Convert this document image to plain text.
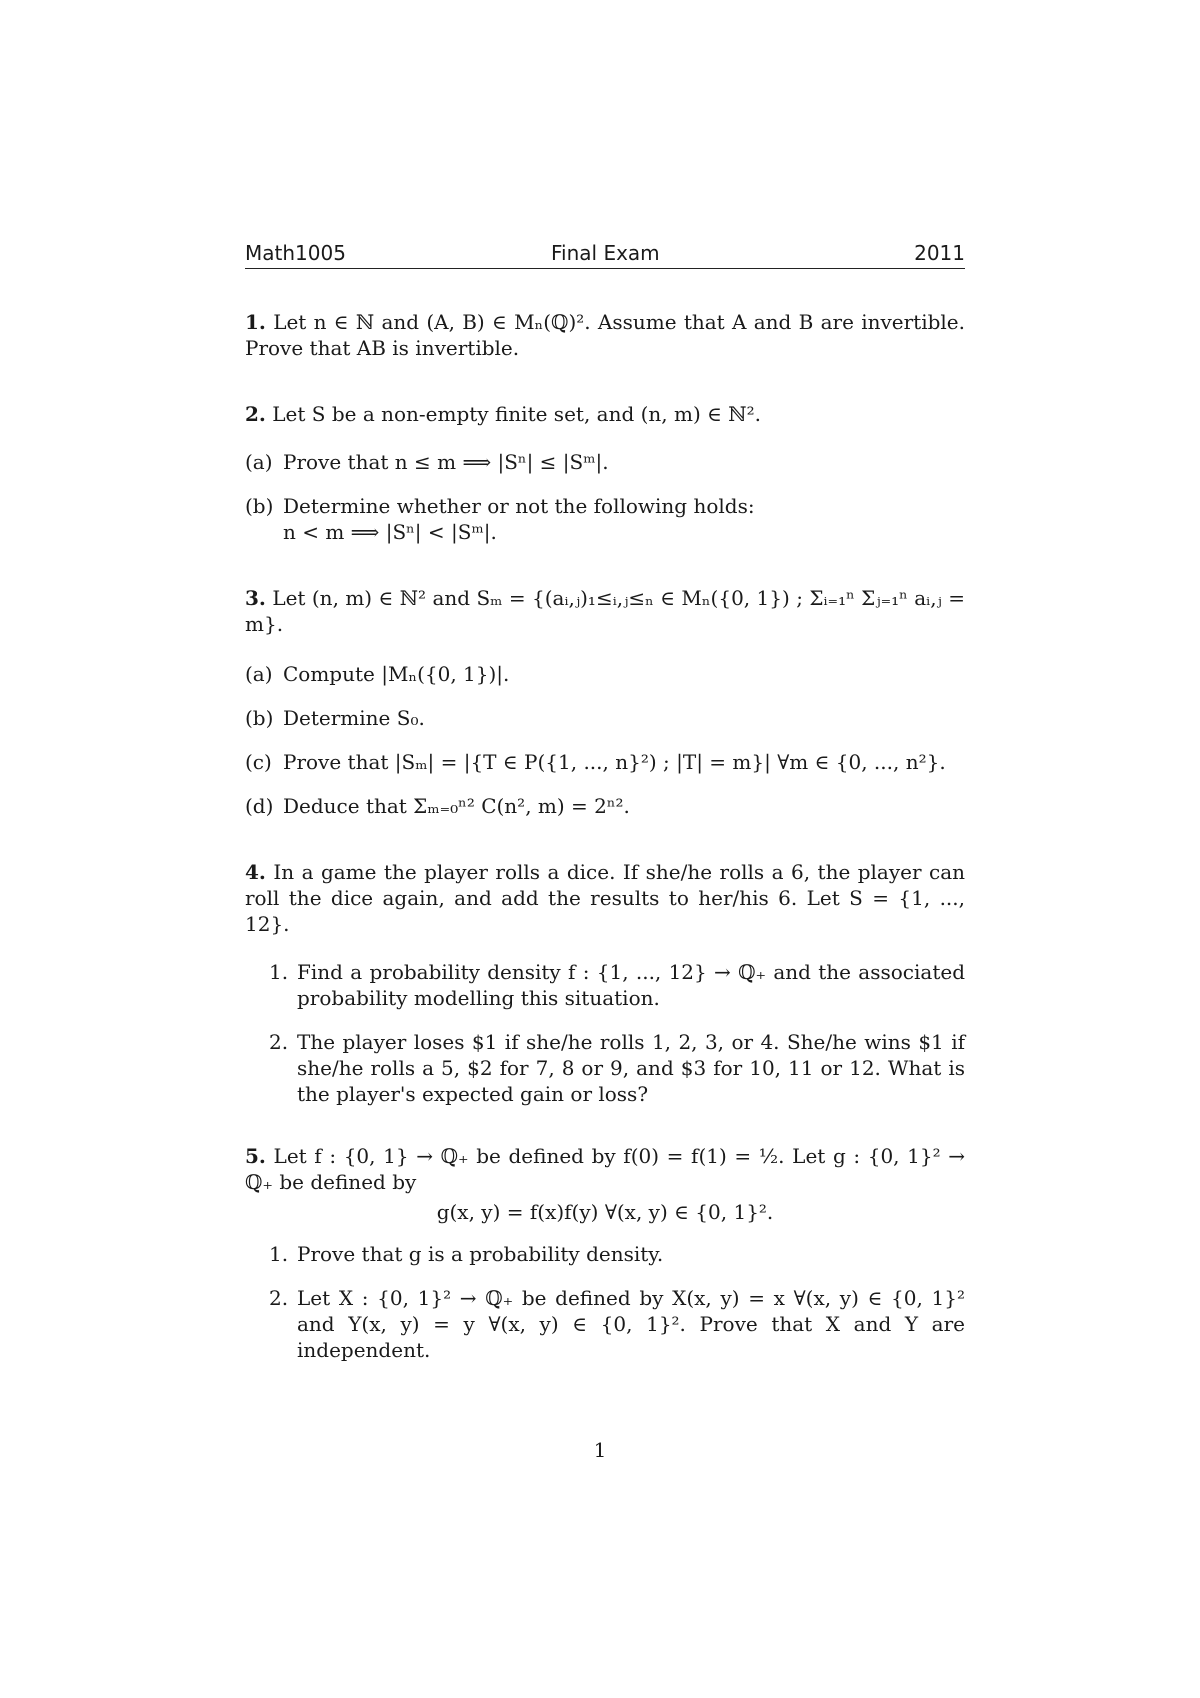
Math1005	Final Exam	2011

1. Let n ∈ ℕ and (A, B) ∈ Mₙ(ℚ)². Assume that A and B are invertible. Prove that AB is invertible.

2. Let S be a non-empty finite set, and (n, m) ∈ ℕ².

(a) Prove that n ≤ m ⟹ |Sⁿ| ≤ |Sᵐ|.
(b) Determine whether or not the following holds:
n < m ⟹ |Sⁿ| < |Sᵐ|.

3. Let (n, m) ∈ ℕ² and Sₘ = {(aᵢ,ⱼ)₁≤ᵢ,ⱼ≤ₙ ∈ Mₙ({0, 1}) ; Σᵢ₌₁ⁿ Σⱼ₌₁ⁿ aᵢ,ⱼ = m}.

(a) Compute |Mₙ({0, 1})|.
(b) Determine S₀.
(c) Prove that |Sₘ| = |{T ∈ P({1, ..., n}²) ; |T| = m}| ∀m ∈ {0, ..., n²}.
(d) Deduce that Σₘ₌₀ⁿ² C(n², m) = 2ⁿ².

4. In a game the player rolls a dice. If she/he rolls a 6, the player can roll the dice again, and add the results to her/his 6. Let S = {1, ..., 12}.

1. Find a probability density f : {1, ..., 12} → ℚ₊ and the associated probability modelling this situation.
2. The player loses $1 if she/he rolls 1, 2, 3, or 4. She/he wins $1 if she/he rolls a 5, $2 for 7, 8 or 9, and $3 for 10, 11 or 12. What is the player's expected gain or loss?

5. Let f : {0, 1} → ℚ₊ be defined by f(0) = f(1) = ½. Let g : {0, 1}² → ℚ₊ be defined by

g(x, y) = f(x)f(y) ∀(x, y) ∈ {0, 1}².
1. Prove that g is a probability density.
2. Let X : {0, 1}² → ℚ₊ be defined by X(x, y) = x ∀(x, y) ∈ {0, 1}² and Y(x, y) = y ∀(x, y) ∈ {0, 1}². Prove that X and Y are independent.
1
